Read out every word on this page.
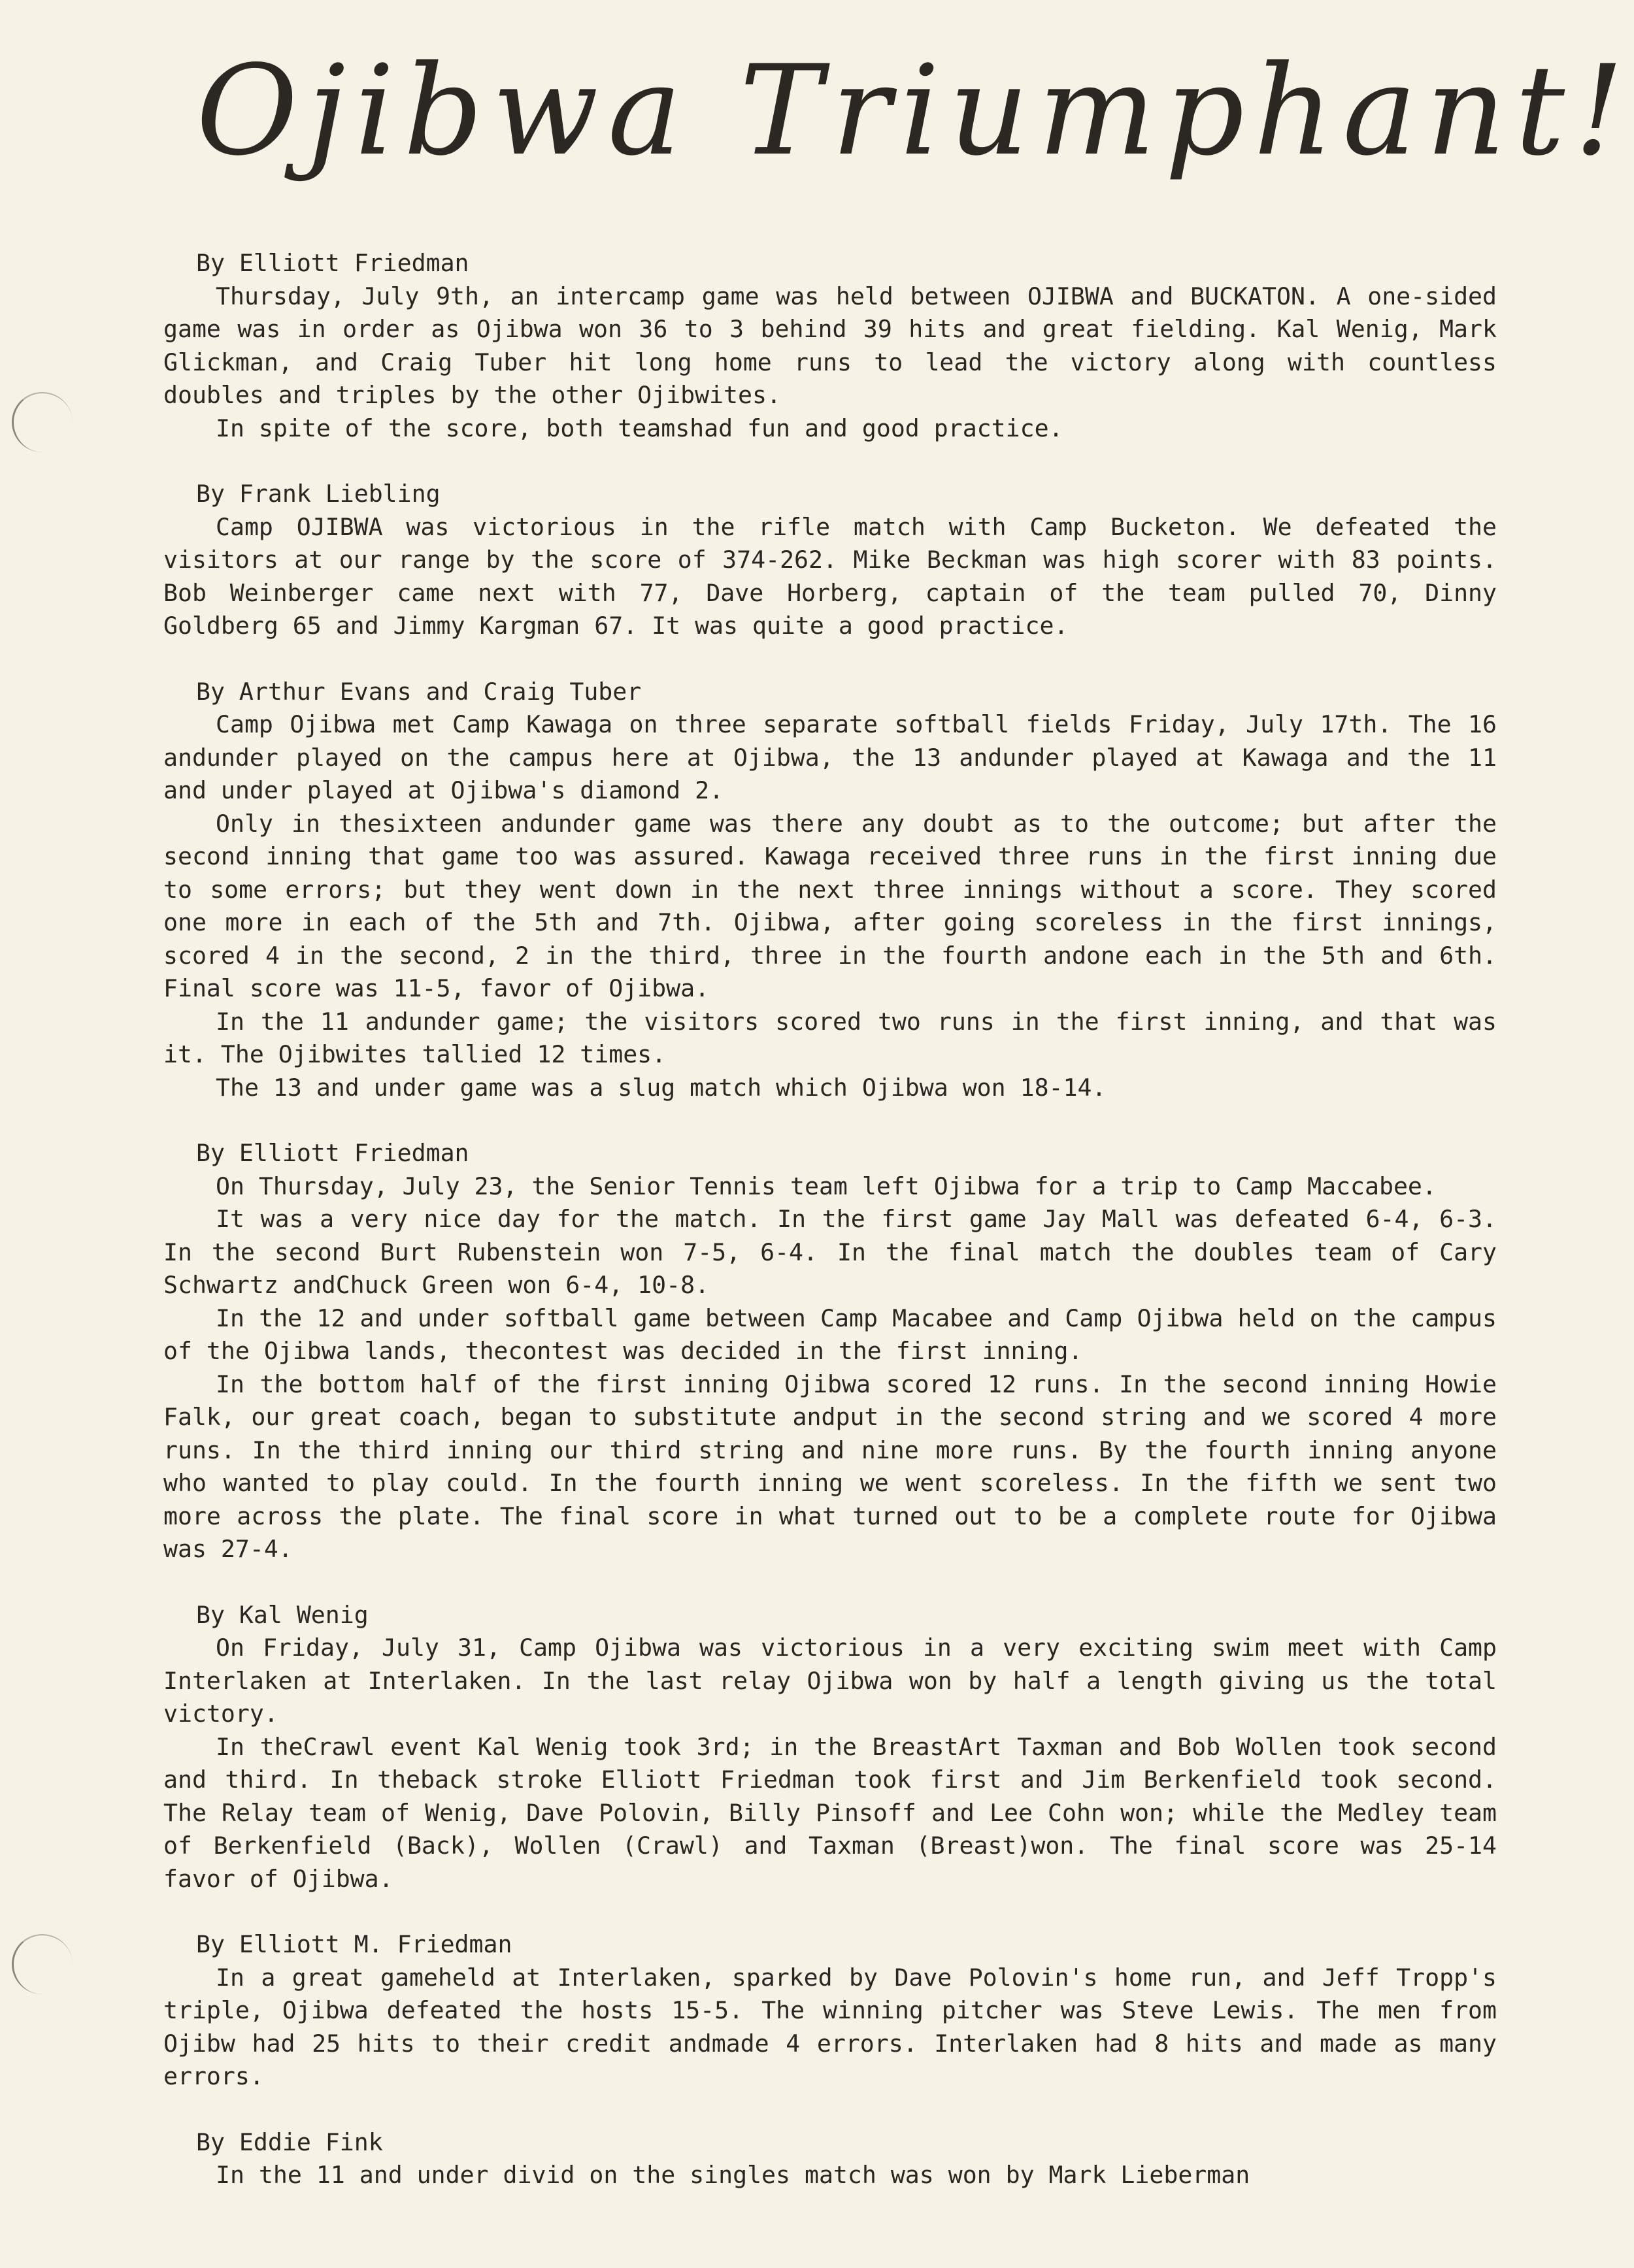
Ojibwa Triumphant!

By Elliott Friedman

Thursday, July 9th, an intercamp game was held between OJIBWA and BUCKATON. A one-sided game was in order as Ojibwa won 36 to 3 behind 39 hits and great fielding. Kal Wenig, Mark Glickman, and Craig Tuber hit long home runs to lead the victory along with countless doubles and triples by the other Ojibwites.

In spite of the score, both teamshad fun and good practice.

By Frank Liebling

Camp OJIBWA was victorious in the rifle match with Camp Bucketon. We defeated the visitors at our range by the score of 374-262. Mike Beckman was high scorer with 83 points. Bob Weinberger came next with 77, Dave Horberg, captain of the team pulled 70, Dinny Goldberg 65 and Jimmy Kargman 67. It was quite a good practice.

By Arthur Evans and Craig Tuber

Camp Ojibwa met Camp Kawaga on three separate softball fields Friday, July 17th. The 16 andunder played on the campus here at Ojibwa, the 13 andunder played at Kawaga and the 11 and under played at Ojibwa's diamond 2.

Only in thesixteen andunder game was there any doubt as to the outcome; but after the second inning that game too was assured. Kawaga received three runs in the first inning due to some errors; but they went down in the next three innings without a score. They scored one more in each of the 5th and 7th. Ojibwa, after going scoreless in the first innings, scored 4 in the second, 2 in the third, three in the fourth andone each in the 5th and 6th. Final score was 11-5, favor of Ojibwa.

In the 11 andunder game; the visitors scored two runs in the first inning, and that was it. The Ojibwites tallied 12 times.

The 13 and under game was a slug match which Ojibwa won 18-14.

By Elliott Friedman

On Thursday, July 23, the Senior Tennis team left Ojibwa for a trip to Camp Maccabee.

It was a very nice day for the match. In the first game Jay Mall was defeated 6-4, 6-3. In the second Burt Rubenstein won 7-5, 6-4. In the final match the doubles team of Cary Schwartz andChuck Green won 6-4, 10-8.

In the 12 and under softball game between Camp Macabee and Camp Ojibwa held on the campus of the Ojibwa lands, thecontest was decided in the first inning.

In the bottom half of the first inning Ojibwa scored 12 runs. In the second inning Howie Falk, our great coach, began to substitute andput in the second string and we scored 4 more runs. In the third inning our third string and nine more runs. By the fourth inning anyone who wanted to play could. In the fourth inning we went scoreless. In the fifth we sent two more across the plate. The final score in what turned out to be a complete route for Ojibwa was 27-4.

By Kal Wenig

On Friday, July 31, Camp Ojibwa was victorious in a very exciting swim meet with Camp Interlaken at Interlaken. In the last relay Ojibwa won by half a length giving us the total victory.

In theCrawl event Kal Wenig took 3rd; in the BreastArt Taxman and Bob Wollen took second and third. In theback stroke Elliott Friedman took first and Jim Berkenfield took second. The Relay team of Wenig, Dave Polovin, Billy Pinsoff and Lee Cohn won; while the Medley team of Berkenfield (Back), Wollen (Crawl) and Taxman (Breast)won. The final score was 25-14 favor of Ojibwa.

By Elliott M. Friedman

In a great gameheld at Interlaken, sparked by Dave Polovin's home run, and Jeff Tropp's triple, Ojibwa defeated the hosts 15-5. The winning pitcher was Steve Lewis. The men from Ojibw had 25 hits to their credit andmade 4 errors. Interlaken had 8 hits and made as many errors.

By Eddie Fink

In the 11 and under divid on the singles match was won by Mark Lieberman
